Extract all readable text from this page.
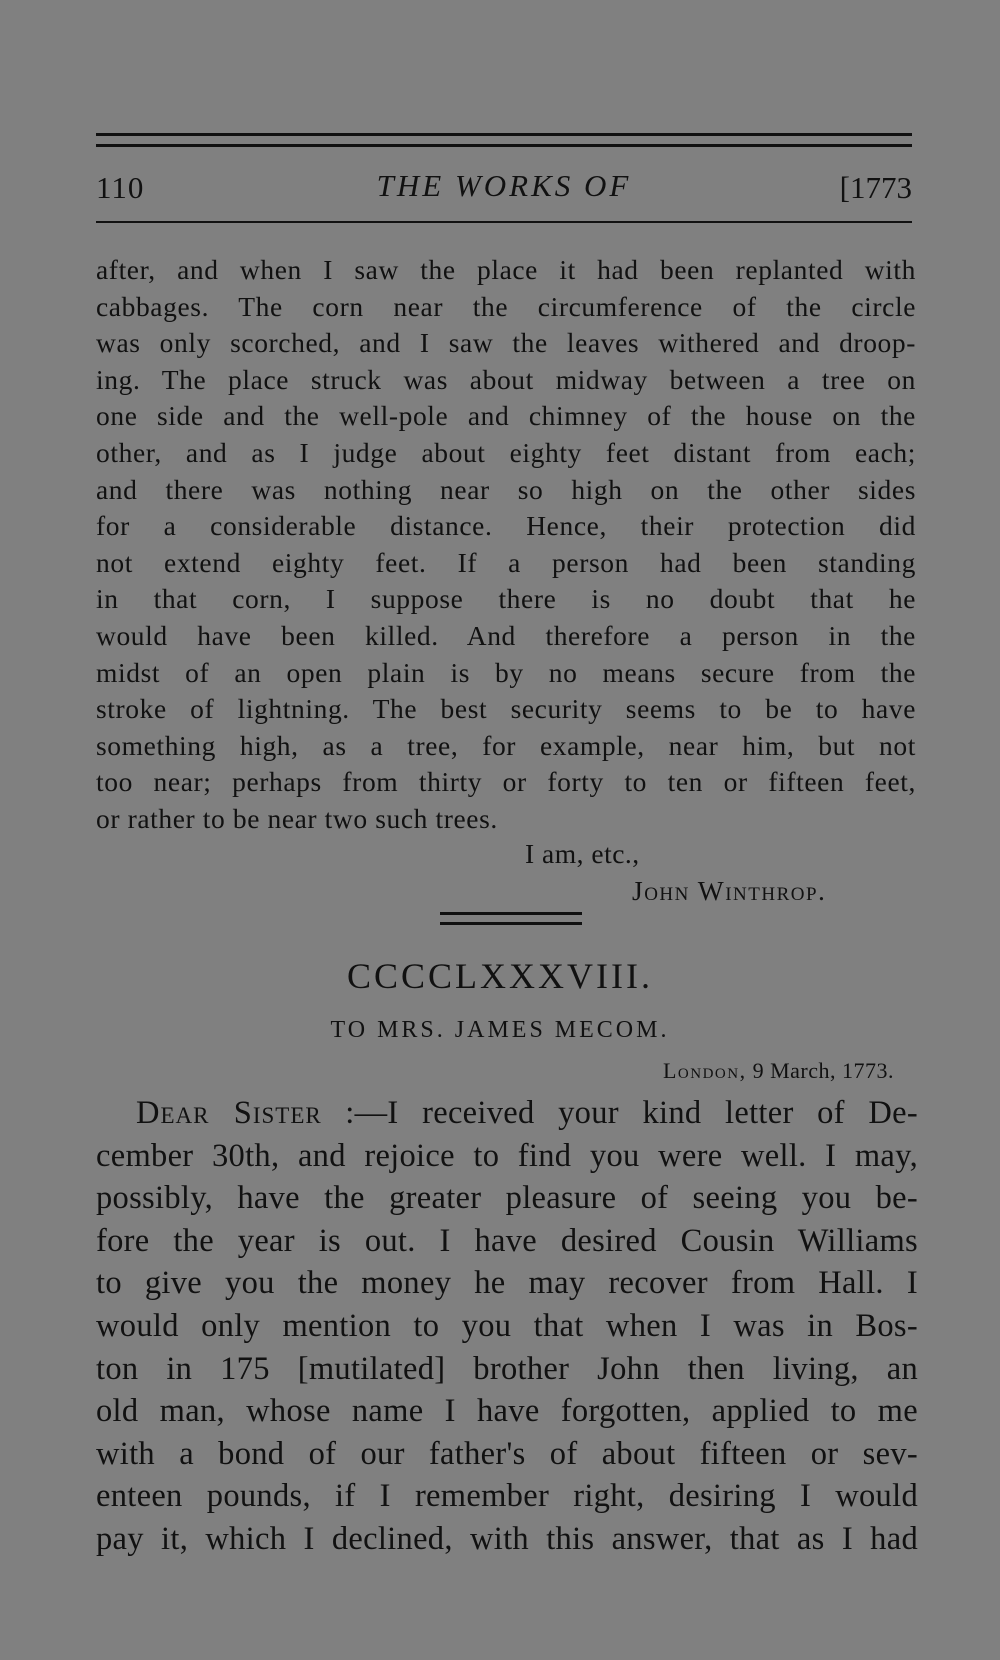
110	THE WORKS OF	[1773
after, and when I saw the place it had been replanted with
cabbages. The corn near the circumference of the circle
was only scorched, and I saw the leaves withered and droop-
ing. The place struck was about midway between a tree on
one side and the well-pole and chimney of the house on the
other, and as I judge about eighty feet distant from each;
and there was nothing near so high on the other sides
for a considerable distance. Hence, their protection did
not extend eighty feet. If a person had been standing
in that corn, I suppose there is no doubt that he
would have been killed. And therefore a person in the
midst of an open plain is by no means secure from the
stroke of lightning. The best security seems to be to have
something high, as a tree, for example, near him, but not
too near; perhaps from thirty or forty to ten or fifteen feet,
or rather to be near two such trees.
I am, etc.,
John Winthrop.
CCCCLXXXVIII.
TO MRS. JAMES MECOM.
London, 9 March, 1773.
Dear Sister :—I received your kind letter of De-
cember 30th, and rejoice to find you were well. I may,
possibly, have the greater pleasure of seeing you be-
fore the year is out. I have desired Cousin Williams
to give you the money he may recover from Hall. I
would only mention to you that when I was in Bos-
ton in 175 [mutilated] brother John then living, an
old man, whose name I have forgotten, applied to me
with a bond of our father's of about fifteen or sev-
enteen pounds, if I remember right, desiring I would
pay it, which I declined, with this answer, that as I had
